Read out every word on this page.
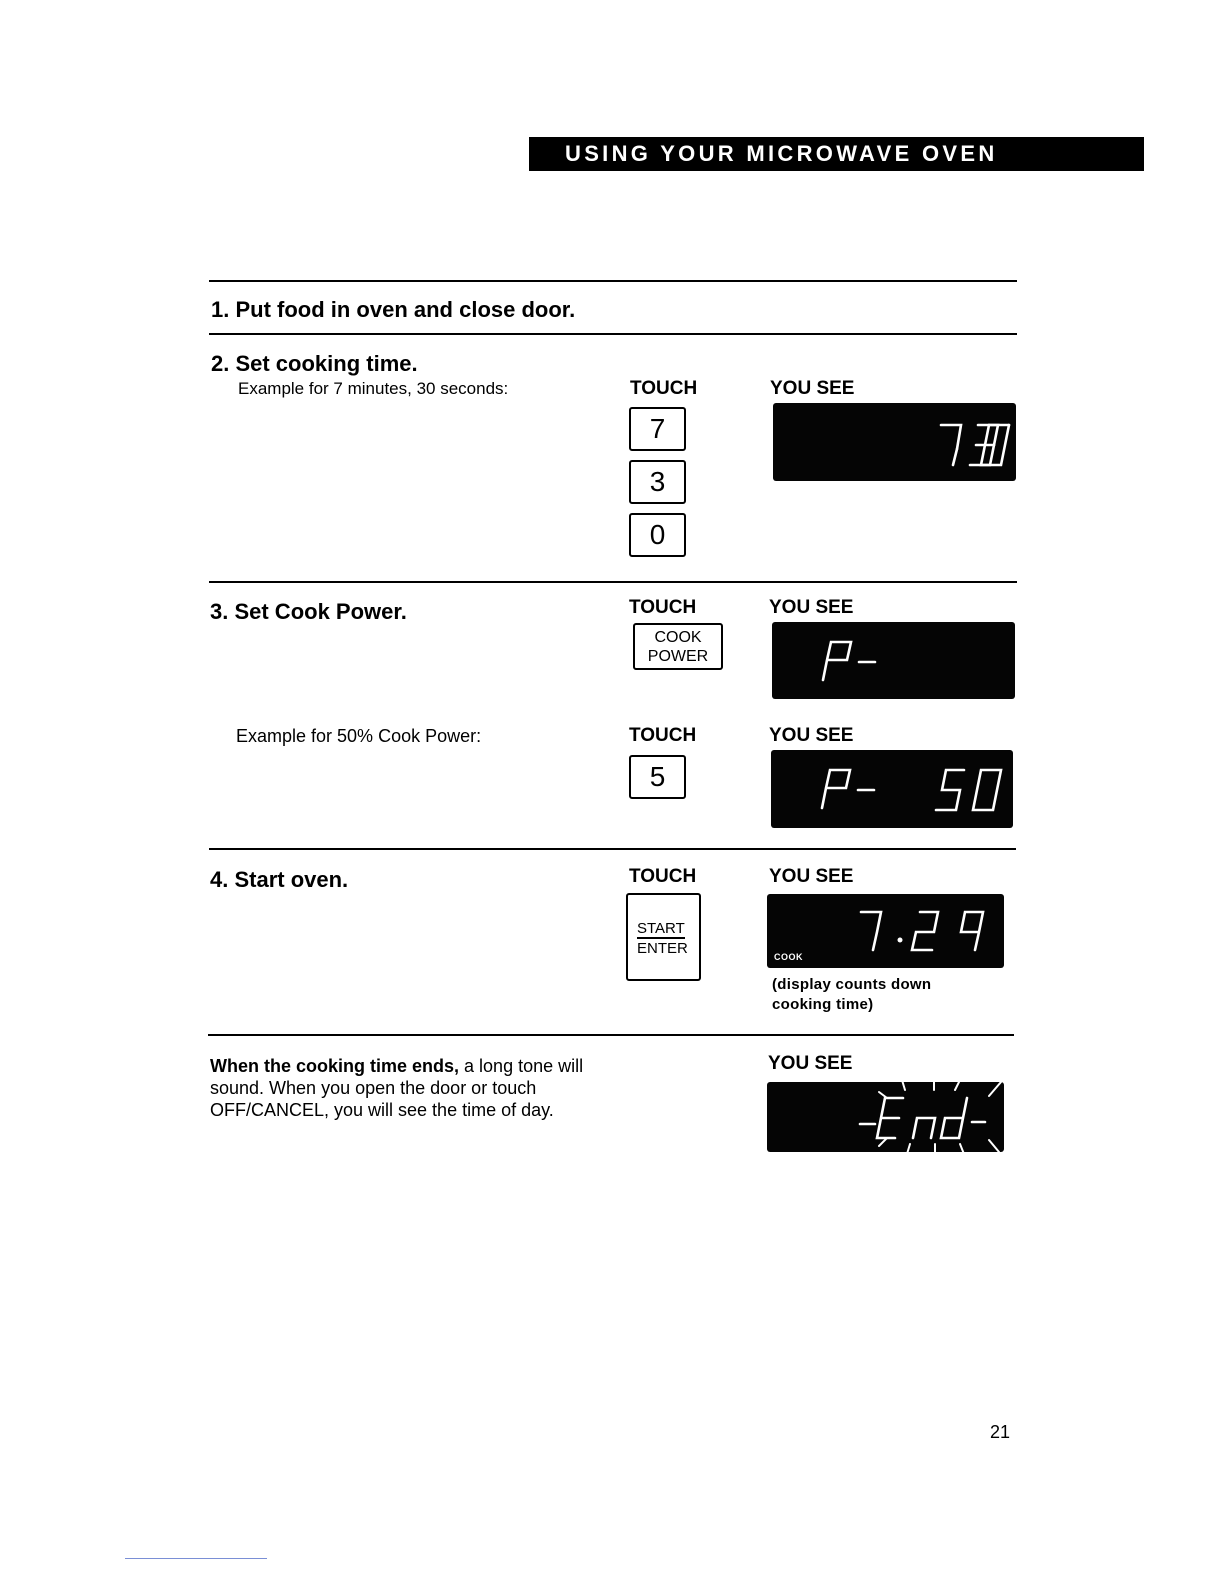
USING YOUR MICROWAVE OVEN
1. Put food in oven and close door.
2. Set cooking time.
Example for 7 minutes, 30 seconds:	TOUCH	YOU SEE
7
3
0
3. Set Cook Power.	TOUCH	YOU SEE
COOK
POWER
Example for 50% Cook Power:	TOUCH	YOU SEE
5
4. Start oven.	TOUCH	YOU SEE
START
ENTER	COOK
(display counts down cooking time)
When the cooking time ends, a long tone will sound. When you open the door or touch OFF/CANCEL, you will see the time of day.
YOU SEE
21
